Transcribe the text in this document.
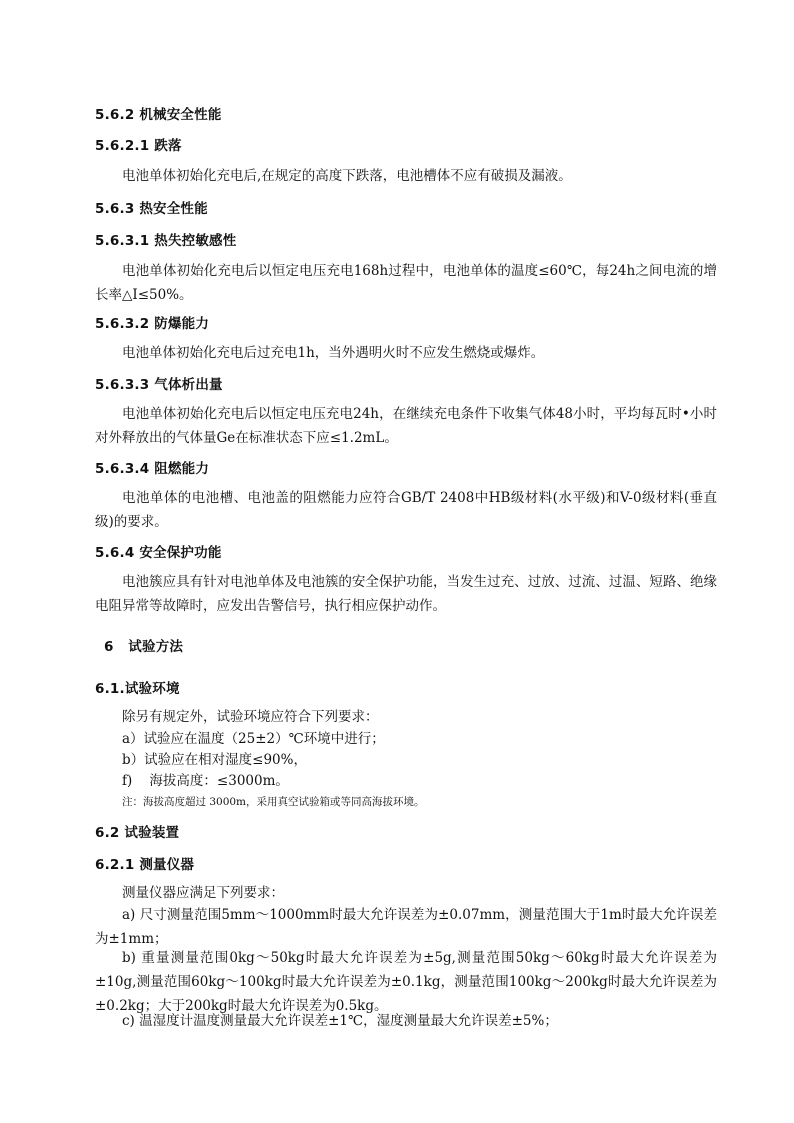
5.6.2 机械安全性能
5.6.2.1 跌落
电池单体初始化充电后,在规定的高度下跌落，电池槽体不应有破损及漏液。
5.6.3 热安全性能
5.6.3.1 热失控敏感性
电池单体初始化充电后以恒定电压充电168h过程中，电池单体的温度≤60℃，每24h之间电流的增长率△I≤50%。
5.6.3.2 防爆能力
电池单体初始化充电后过充电1h，当外遇明火时不应发生燃烧或爆炸。
5.6.3.3 气体析出量
电池单体初始化充电后以恒定电压充电24h，在继续充电条件下收集气体48小时，平均每瓦时•小时对外释放出的气体量Ge在标准状态下应≤1.2mL。
5.6.3.4 阻燃能力
电池单体的电池槽、电池盖的阻燃能力应符合GB/T 2408中HB级材料(水平级)和V-0级材料(垂直级)的要求。
5.6.4 安全保护功能
电池簇应具有针对电池单体及电池簇的安全保护功能，当发生过充、过放、过流、过温、短路、绝缘电阻异常等故障时，应发出告警信号，执行相应保护动作。
6   试验方法
6.1.试验环境
除另有规定外，试验环境应符合下列要求：
a）试验应在温度（25±2）℃环境中进行；
b）试验应在相对湿度≤90%，
f)    海拔高度：≤3000m。
注：海拔高度超过 3000m，采用真空试验箱或等同高海拔环境。
6.2 试验装置
6.2.1 测量仪器
测量仪器应满足下列要求：
a) 尺寸测量范围5mm～1000mm时最大允许误差为±0.07mm，测量范围大于1m时最大允许误差为±1mm；
b) 重量测量范围0kg～50kg时最大允许误差为±5g,测量范围50kg～60kg时最大允许误差为±10g,测量范围60kg～100kg时最大允许误差为±0.1kg，测量范围100kg～200kg时最大允许误差为±0.2kg；大于200kg时最大允许误差为0.5kg。
c) 温湿度计温度测量最大允许误差±1℃，湿度测量最大允许误差±5%；
